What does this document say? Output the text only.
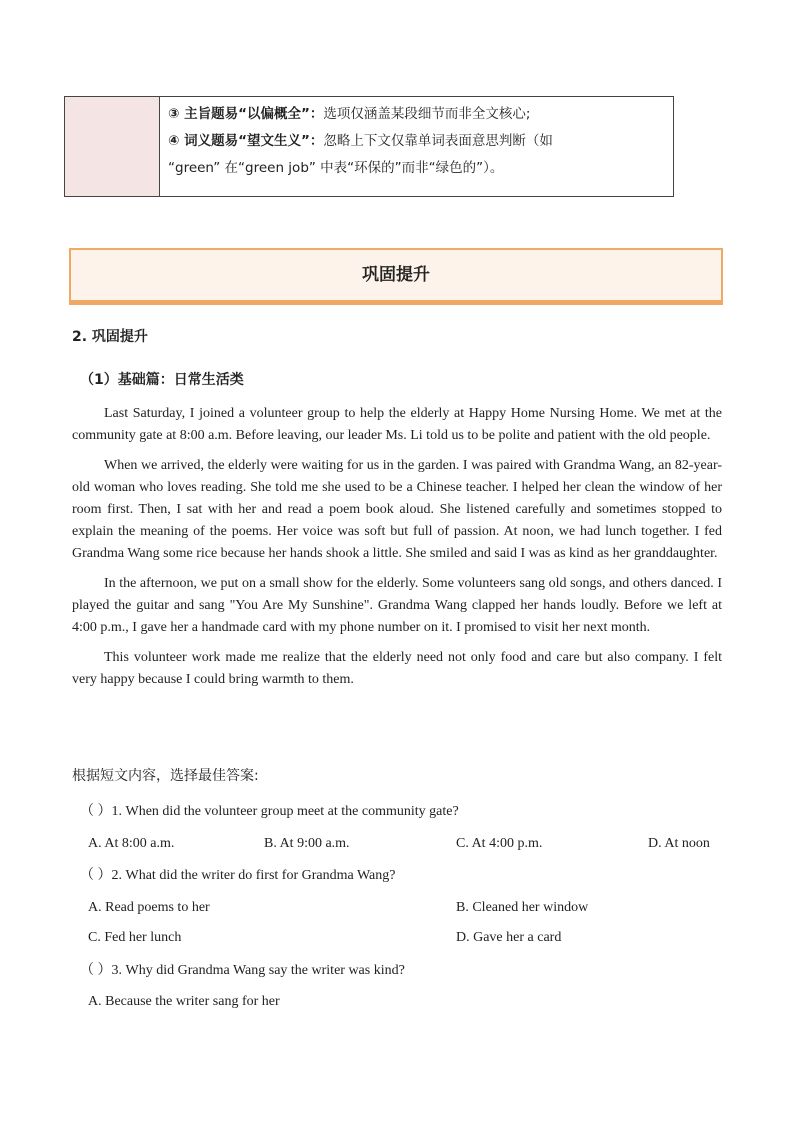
③ 主旨题易“以偏概全”：选项仅涵盖某段细节而非全文核心;

④ 词义题易“望文生义”：忽略上下文仅靠单词表面意思判断（如

“green” 在“green job” 中表“环保的”而非“绿色的”）。

巩固提升
2. 巩固提升
（1）基础篇：日常生活类

Last Saturday, I joined a volunteer group to help the elderly at Happy Home Nursing Home. We met at the community gate at 8:00 a.m. Before leaving, our leader Ms. Li told us to be polite and patient with the old people.

When we arrived, the elderly were waiting for us in the garden. I was paired with Grandma Wang, an 82-year-old woman who loves reading. She told me she used to be a Chinese teacher. I helped her clean the window of her room first. Then, I sat with her and read a poem book aloud. She listened carefully and sometimes stopped to explain the meaning of the poems. Her voice was soft but full of passion. At noon, we had lunch together. I fed Grandma Wang some rice because her hands shook a little. She smiled and said I was as kind as her granddaughter.

In the afternoon, we put on a small show for the elderly. Some volunteers sang old songs, and others danced. I played the guitar and sang "You Are My Sunshine". Grandma Wang clapped her hands loudly. Before we left at 4:00 p.m., I gave her a handmade card with my phone number on it. I promised to visit her next month.

This volunteer work made me realize that the elderly need not only food and care but also company. I felt very happy because I could bring warmth to them.

根据短文内容，选择最佳答案:
（ ）1. When did the volunteer group meet at the community gate?
A. At 8:00 a.m.	B. At 9:00 a.m.	C. At 4:00 p.m.	D. At noon
（ ）2. What did the writer do first for Grandma Wang?
A. Read poems to her	B. Cleaned her window
C. Fed her lunch	D. Gave her a card
（ ）3. Why did Grandma Wang say the writer was kind?
A. Because the writer sang for her
